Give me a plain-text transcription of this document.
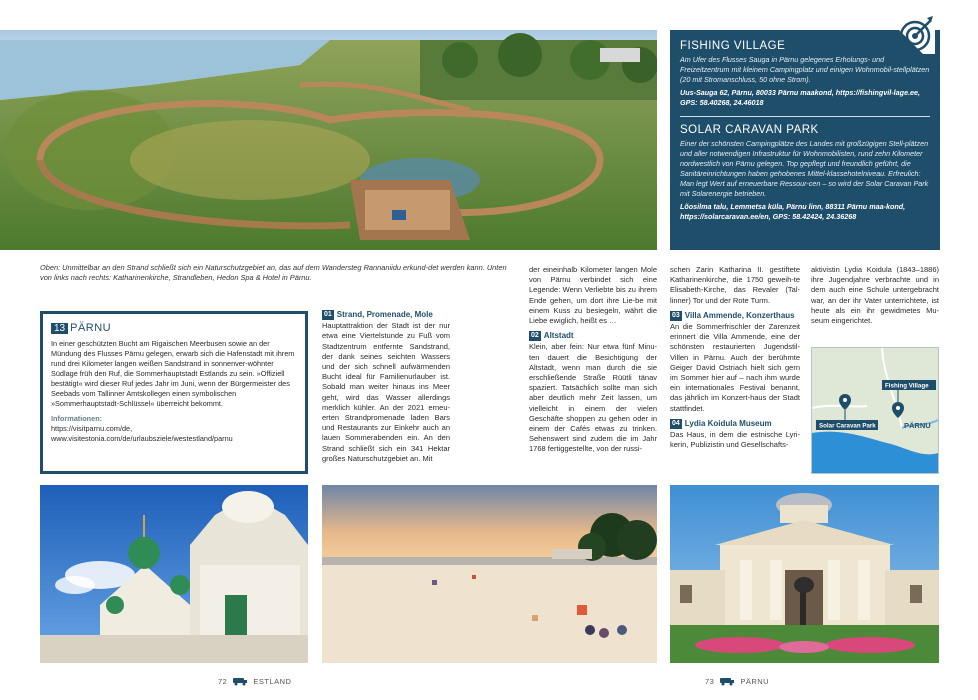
FISHING VILLAGE

Am Ufer des Flusses Sauga in Pärnu gelegenes Erholungs- und Freizeitzentrum mit kleinem Campingplatz und einigen Wohnmobil-stellplätzen (20 mit Stromanschluss, 50 ohne Strom).

Uus-Sauga 62, Pärnu, 80033 Pärnu maakond, https://fishingvil-lage.ee, GPS: 58.40268, 24.46018

SOLAR CARAVAN PARK

Einer der schönsten Campingplätze des Landes mit großzügigen Stell-plätzen und aller notwendigen Infrastruktur für Wohnmobilisten, rund zehn Kilometer nordwestlich von Pärnu gelegen. Top gepflegt und freundlich geführt, die Sanitäreinrichtungen haben gehobenes Mittel-klassehotelniveau. Erfreulich: Man legt Wert auf erneuerbare Ressour-cen – so wird der Solar Caravan Park mit Solarenergie betrieben.

Lõosilma talu, Lemmetsa küla, Pärnu linn, 88311 Pärnu maa-kond, https://solarcaravan.ee/en, GPS: 58.42424, 24.36268

Oben: Unmittelbar an den Strand schließt sich ein Naturschutzgebiet an, das auf dem Wandersteg Rannaniidu erkund-det werden kann. Unten von links nach rechts: Katharinenkirche, Strandleben, Hedon Spa & Hotel in Pärnu.

13 PÄRNU

In einer geschützten Bucht am Rigaischen Meerbusen sowie an der Mündung des Flusses Pärnu gelegen, erwarb sich die Hafenstadt mit ihrem rund drei Kilometer langen weißen Sandstrand in sonnenver-wöhnter Südlage früh den Ruf, die Sommerhauptstadt Estlands zu sein. »Offiziell bestätigt« wird dieser Ruf jedes Jahr im Juni, wenn der Bürgermeister des Seebads vom Tallinner Amtskollegen einen symbolischen »Sommerhauptstadt-Schlüssel« überreicht bekommt.

Informationen:

https://visitparnu.com/de, www.visitestonia.com/de/urlaubsziele/westestland/parnu

01 Strand, Promenade, Mole
Hauptattraktion der Stadt ist der nur etwa eine Viertelstunde zu Fuß vom Stadtzentrum entfernte Sandstrand, der dank seines seichten Wassers und der sich schnell aufwärmenden Bucht ideal für Familienurlauber ist. Sobald man weiter hinaus ins Meer geht, wird das Wasser allerdings merklich kühler. An der 2021 erneu-erten Strandpromenade laden Bars und Restaurants zur Einkehr auch an lauen Sommerabenden ein. An den Strand schließt sich ein 341 Hektar großes Naturschutzgebiet an. Mit
der eineinhalb Kilometer langen Mole von Pärnu verbindet sich eine Legende: Wenn Verliebte bis zu ihrem Ende gehen, um dort ihre Lie-be mit einem Kuss zu besiegeln, währt die Liebe ewiglich, heißt es …
02 Altstadt
Klein, aber fein: Nur etwa fünf Minu-ten dauert die Besichtigung der Altstadt, wenn man durch die sie erschließende Straße Rüütli tänav spaziert. Tatsächlich sollte man sich aber deutlich mehr Zeit lassen, um vielleicht in einem der vielen Geschäfte shoppen zu gehen oder in einem der Cafés etwas zu trinken. Sehenswert sind zudem die im Jahr 1768 fertiggestellte, von der russi-
schen Zarin Katharina II. gestiftete Katharinenkirche, die 1750 geweih-te Elisabeth-Kirche, das Revaler (Tal-linner) Tor und der Rote Turm.
03 Villa Ammende, Konzerthaus
An die Sommerfrischler der Zarenzeit erinnert die Villa Ammende, eine der schönsten restaurierten Jugendstil-Villen in Pärnu. Auch der berühmte Geiger David Ostriach hielt sich gern im Sommer hier auf – nach ihm wurde ein internationales Festival benannt, das jährlich im Konzert-haus der Stadt stattfindet.
04 Lydia Koidula Museum
Das Haus, in dem die estnische Lyri-kerin, Publizistin und Gesellschafts-
aktivistin Lydia Koidula (1843–1886) ihre Jugendjahre verbrachte und in dem auch eine Schule untergebracht war, an der ihr Vater unterrichtete, ist heute als ein ihr gewidmetes Mu-seum eingerichtet.
Fishing Village
Solar Caravan Park	PÄRNU
72	ESTLAND	73	PÄRNU
